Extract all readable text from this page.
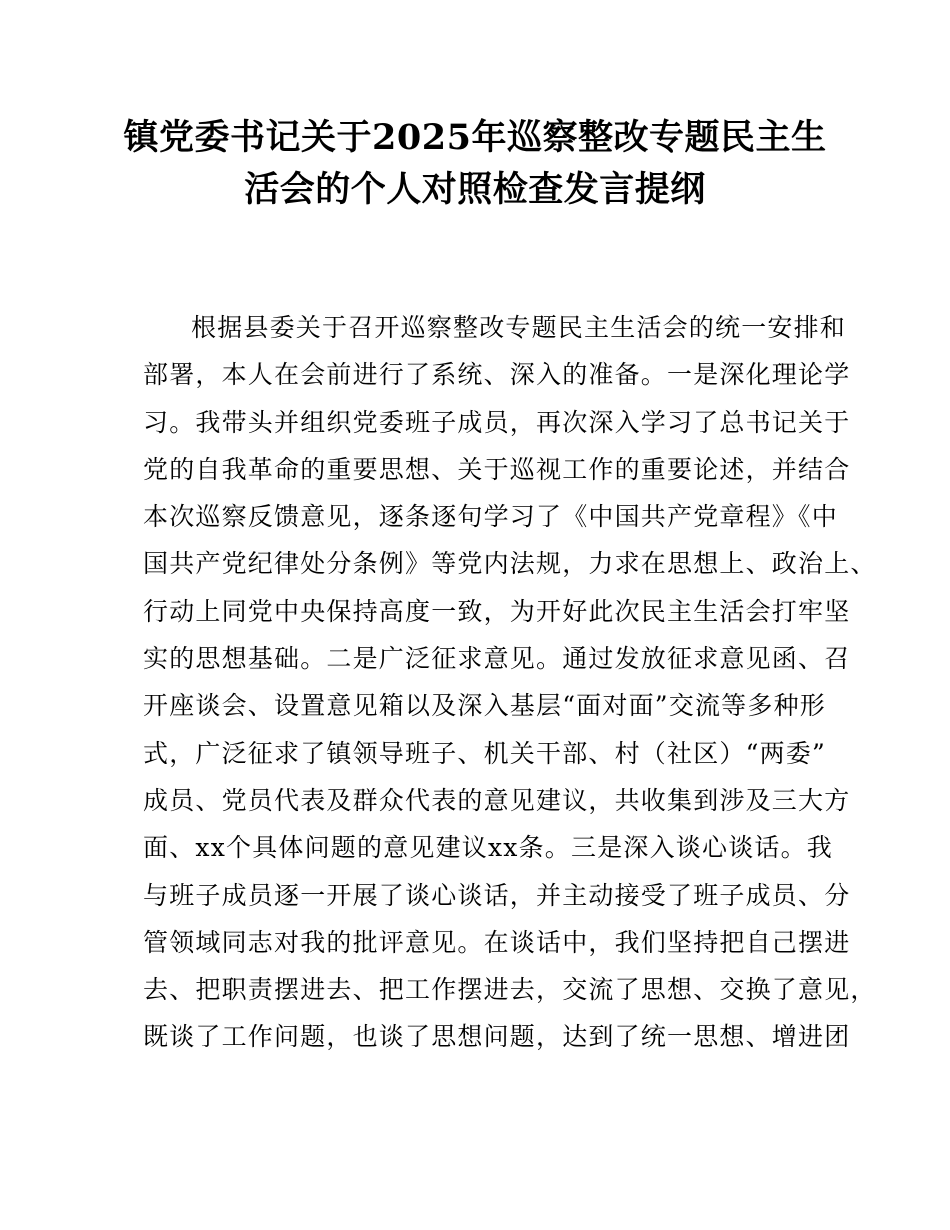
镇党委书记关于2025年巡察整改专题民主生
活会的个人对照检查发言提纲
根据县委关于召开巡察整改专题民主生活会的统一安排和
部署，本人在会前进行了系统、深入的准备。一是深化理论学
习。我带头并组织党委班子成员，再次深入学习了总书记关于
党的自我革命的重要思想、关于巡视工作的重要论述，并结合
本次巡察反馈意见，逐条逐句学习了《中国共产党章程》《中
国共产党纪律处分条例》等党内法规，力求在思想上、政治上、
行动上同党中央保持高度一致，为开好此次民主生活会打牢坚
实的思想基础。二是广泛征求意见。通过发放征求意见函、召
开座谈会、设置意见箱以及深入基层“面对面”交流等多种形
式，广泛征求了镇领导班子、机关干部、村（社区）“两委”
成员、党员代表及群众代表的意见建议，共收集到涉及三大方
面、xx个具体问题的意见建议xx条。三是深入谈心谈话。我
与班子成员逐一开展了谈心谈话，并主动接受了班子成员、分
管领域同志对我的批评意见。在谈话中，我们坚持把自己摆进
去、把职责摆进去、把工作摆进去，交流了思想、交换了意见，
既谈了工作问题，也谈了思想问题，达到了统一思想、增进团
